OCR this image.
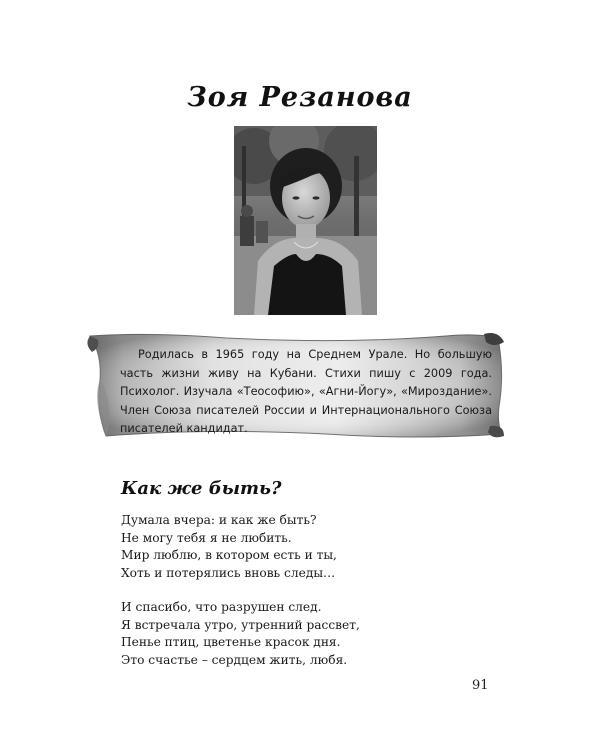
Зоя Резанова

Родилась в 1965 году на Среднем Урале. Но большую часть жизни живу на Кубани. Стихи пишу с 2009 года. Психолог. Изучала «Теософию», «Агни-Йогу», «Мироздание». Член Союза писателей России и Интернационального Союза писателей кандидат.

Как же быть?
Думала вчера: и как же быть?
Не могу тебя я не любить.
Мир люблю, в котором есть и ты,
Хоть и потерялись вновь следы…
И спасибо, что разрушен след.
Я встречала утро, утренний рассвет,
Пенье птиц, цветенье красок дня.
Это счастье – сердцем жить, любя.
91
